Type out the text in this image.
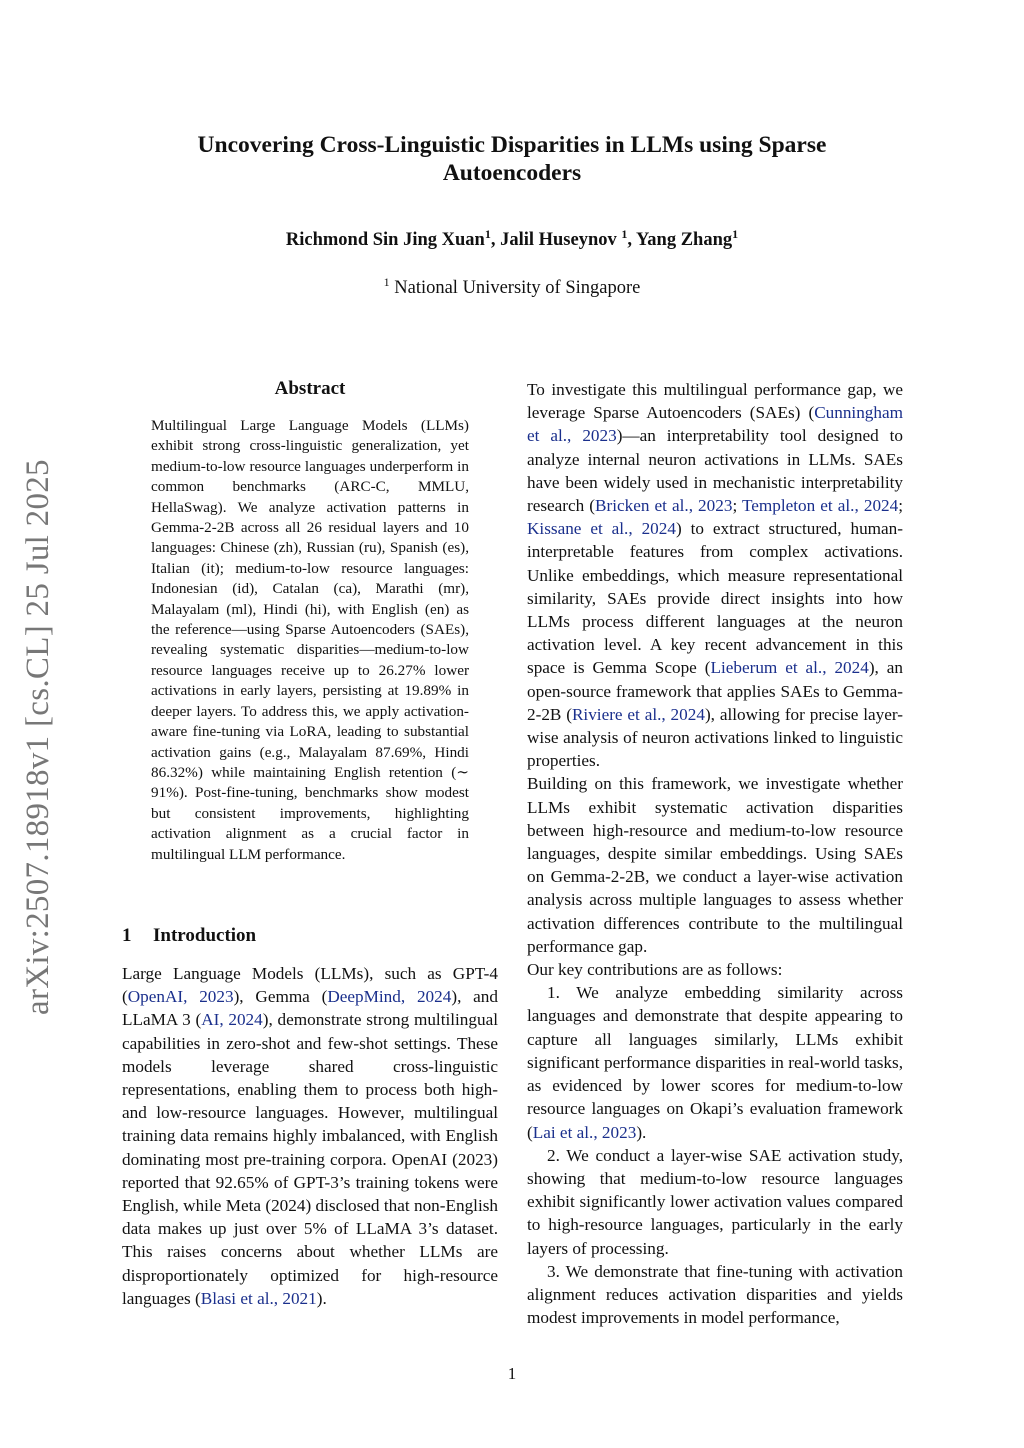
arXiv:2507.18918v1 [cs.CL] 25 Jul 2025
Uncovering Cross-Linguistic Disparities in LLMs using Sparse
Autoencoders
Richmond Sin Jing Xuan$^1$, Jalil Huseynov $^1$, Yang Zhang$^1$
$^1$ National University of Singapore
Abstract
Multilingual Large Language Models (LLMs) exhibit strong cross-linguistic generalization, yet medium-to-low resource languages underperform in common benchmarks (ARC-C, MMLU, HellaSwag). We analyze activation patterns in Gemma-2-2B across all 26 residual layers and 10 languages: Chinese (zh), Russian (ru), Spanish (es), Italian (it); medium-to-low resource languages: Indonesian (id), Catalan (ca), Marathi (mr), Malayalam (ml), Hindi (hi), with English (en) as the reference—using Sparse Autoencoders (SAEs), revealing systematic disparities—medium-to-low resource languages receive up to 26.27% lower activations in early layers, persisting at 19.89% in deeper layers. To address this, we apply activation-aware fine-tuning via LoRA, leading to substantial activation gains (e.g., Malayalam 87.69%, Hindi 86.32%) while maintaining English retention (∼ 91%). Post-fine-tuning, benchmarks show modest but consistent improvements, highlighting activation alignment as a crucial factor in multilingual LLM performance.
1 Introduction

Large Language Models (LLMs), such as GPT-4 (OpenAI, 2023), Gemma (DeepMind, 2024), and LLaMA 3 (AI, 2024), demonstrate strong multilingual capabilities in zero-shot and few-shot settings. These models leverage shared cross-linguistic representations, enabling them to process both high- and low-resource languages. However, multilingual training data remains highly imbalanced, with English dominating most pre-training corpora. OpenAI (2023) reported that 92.65% of GPT-3’s training tokens were English, while Meta (2024) disclosed that non-English data makes up just over 5% of LLaMA 3’s dataset. This raises concerns about whether LLMs are disproportionately optimized for high-resource languages (Blasi et al., 2021).

To investigate this multilingual performance gap, we leverage Sparse Autoencoders (SAEs) (Cunningham et al., 2023)—an interpretability tool designed to analyze internal neuron activations in LLMs. SAEs have been widely used in mechanistic interpretability research (Bricken et al., 2023; Templeton et al., 2024; Kissane et al., 2024) to extract structured, human-interpretable features from complex activations. Unlike embeddings, which measure representational similarity, SAEs provide direct insights into how LLMs process different languages at the neuron activation level. A key recent advancement in this space is Gemma Scope (Lieberum et al., 2024), an open-source framework that applies SAEs to Gemma-2-2B (Riviere et al., 2024), allowing for precise layer-wise analysis of neuron activations linked to linguistic properties.

Building on this framework, we investigate whether LLMs exhibit systematic activation disparities between high-resource and medium-to-low resource languages, despite similar embeddings. Using SAEs on Gemma-2-2B, we conduct a layer-wise activation analysis across multiple languages to assess whether activation differences contribute to the multilingual performance gap.

Our key contributions are as follows:

1. We analyze embedding similarity across languages and demonstrate that despite appearing to capture all languages similarly, LLMs exhibit significant performance disparities in real-world tasks, as evidenced by lower scores for medium-to-low resource languages on Okapi’s evaluation framework (Lai et al., 2023).

2. We conduct a layer-wise SAE activation study, showing that medium-to-low resource languages exhibit significantly lower activation values compared to high-resource languages, particularly in the early layers of processing.

3. We demonstrate that fine-tuning with activation alignment reduces activation disparities and yields modest improvements in model performance,

1
